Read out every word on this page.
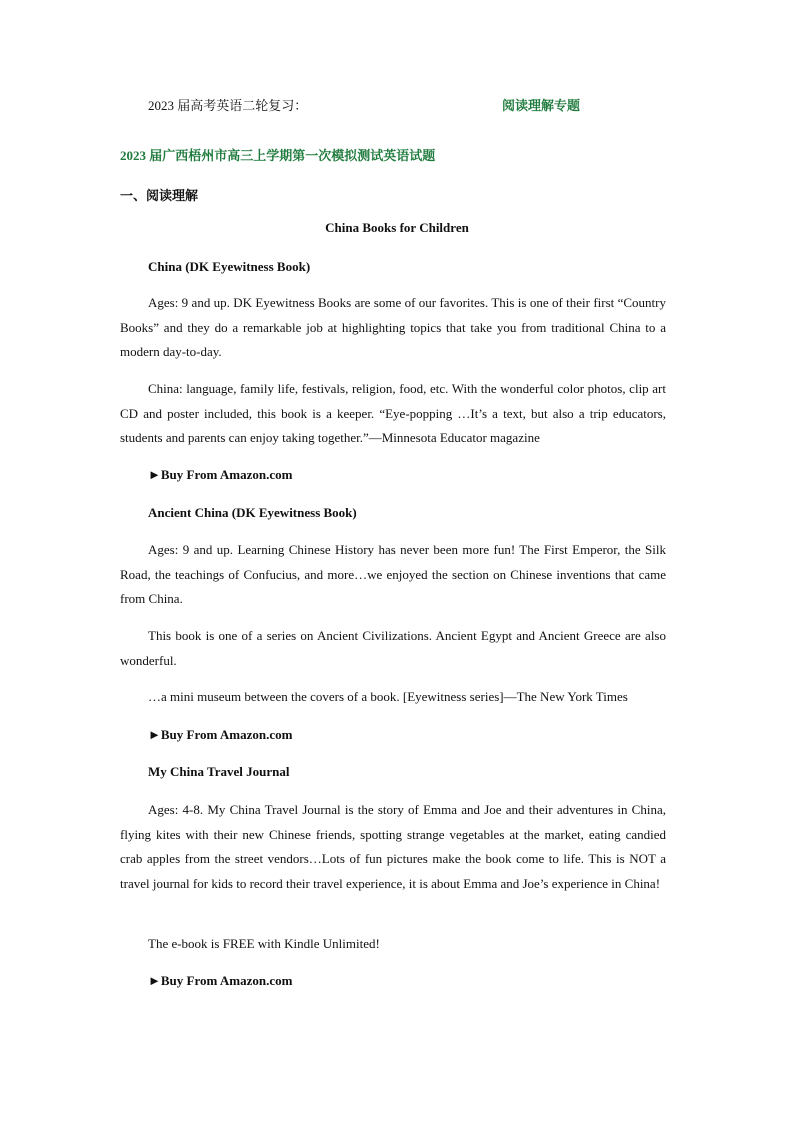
2023 届高考英语二轮复习：	阅读理解专题
2023 届广西梧州市高三上学期第一次模拟测试英语试题
一、阅读理解
China Books for Children
China (DK Eyewitness Book)
Ages: 9 and up. DK Eyewitness Books are some of our favorites. This is one of their first “Country Books” and they do a remarkable job at highlighting topics that take you from traditional China to a modern day-to-day.
China: language, family life, festivals, religion, food, etc. With the wonderful color photos, clip art CD and poster included, this book is a keeper. “Eye-popping …It’s a text, but also a trip educators, students and parents can enjoy taking together.”—Minnesota Educator magazine
►Buy From Amazon.com
Ancient China (DK Eyewitness Book)
Ages: 9 and up. Learning Chinese History has never been more fun! The First Emperor, the Silk Road, the teachings of Confucius, and more…we enjoyed the section on Chinese inventions that came from China.
This book is one of a series on Ancient Civilizations. Ancient Egypt and Ancient Greece are also wonderful.
…a mini museum between the covers of a book. [Eyewitness series]—The New York Times
►Buy From Amazon.com
My China Travel Journal
Ages: 4-8. My China Travel Journal is the story of Emma and Joe and their adventures in China, flying kites with their new Chinese friends, spotting strange vegetables at the market, eating candied crab apples from the street vendors…Lots of fun pictures make the book come to life. This is NOT a travel journal for kids to record their travel experience, it is about Emma and Joe’s experience in China!
The e-book is FREE with Kindle Unlimited!
►Buy From Amazon.com
